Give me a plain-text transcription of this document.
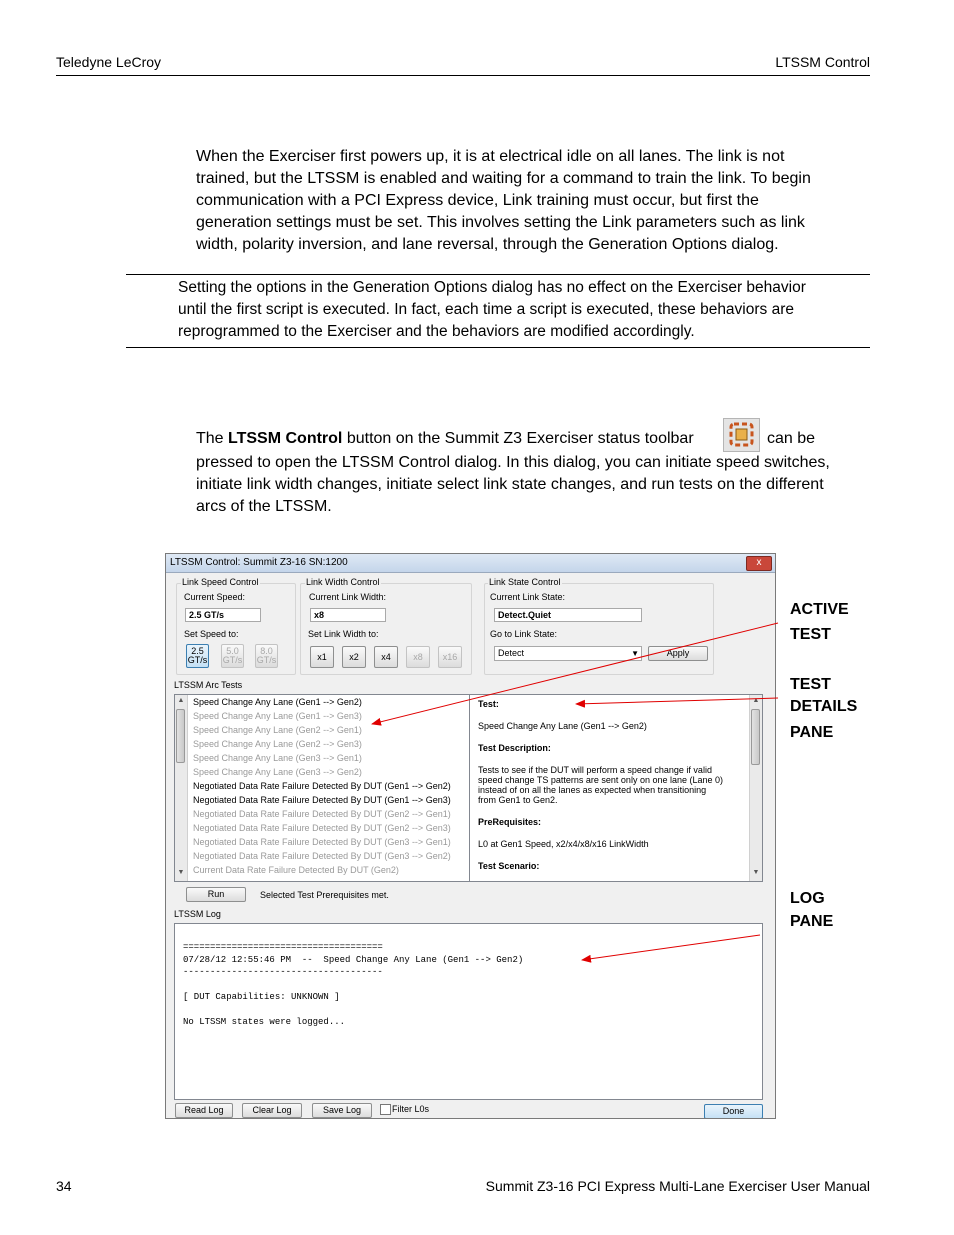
Teledyne LeCroy	LTSSM Control
When the Exerciser first powers up, it is at electrical idle on all lanes. The link is not
trained, but the LTSSM is enabled and waiting for a command to train the link. To begin
communication with a PCI Express device, Link training must occur, but first the
generation settings must be set. This involves setting the Link parameters such as link
width, polarity inversion, and lane reversal, through the Generation Options dialog.
Setting the options in the Generation Options dialog has no effect on the Exerciser behavior
until the first script is executed. In fact, each time a script is executed, these behaviors are
reprogrammed to the Exerciser and the behaviors are modified accordingly.
The LTSSM Control button on the Summit Z3 Exerciser status toolbar	can be
pressed to open the LTSSM Control dialog. In this dialog, you can initiate speed switches,
initiate link width changes, initiate select link state changes, and run tests on the different
arcs of the LTSSM.
LTSSM Control: Summit Z3-16 SN:1200	x
Link Speed Control
Current Speed:
2.5 GT/s
Set Speed to:
2.5
GT/s
5.0
GT/s
8.0
GT/s
Link Width Control
Current Link Width:
x8
Set Link Width to:
x1	x2	x4	x8	x16
Link State Control
Current Link State:
Detect.Quiet
Go to Link State:
Detect	▼	Apply
LTSSM Arc Tests
▲
▼
Speed Change Any Lane (Gen1 --> Gen2)
Speed Change Any Lane (Gen1 --> Gen3)
Speed Change Any Lane (Gen2 --> Gen1)
Speed Change Any Lane (Gen2 --> Gen3)
Speed Change Any Lane (Gen3 --> Gen1)
Speed Change Any Lane (Gen3 --> Gen2)
Negotiated Data Rate Failure Detected By DUT (Gen1 --> Gen2)
Negotiated Data Rate Failure Detected By DUT (Gen1 --> Gen3)
Negotiated Data Rate Failure Detected By DUT (Gen2 --> Gen1)
Negotiated Data Rate Failure Detected By DUT (Gen2 --> Gen3)
Negotiated Data Rate Failure Detected By DUT (Gen3 --> Gen1)
Negotiated Data Rate Failure Detected By DUT (Gen3 --> Gen2)
Current Data Rate Failure Detected By DUT (Gen2)
Test:
Speed Change Any Lane (Gen1 --> Gen2)
Test Description:
Tests to see if the DUT will perform a speed change if valid
speed change TS patterns are sent only on one lane (Lane 0)
instead of on all the lanes as expected when transitioning
from Gen1 to Gen2.
PreRequisites:
L0 at Gen1 Speed, x2/x4/x8/x16 LinkWidth
Test Scenario:
▲
▼
Run	Selected Test Prerequisites met.
LTSSM Log
=====================================
07/28/12 12:55:46 PM  --  Speed Change Any Lane (Gen1 --> Gen2)
-------------------------------------
[ DUT Capabilities: UNKNOWN ]
No LTSSM states were logged...
Read Log	Clear Log	Save Log	Filter L0s	Done
ACTIVE
TEST
TEST
DETAILS
PANE
LOG
PANE
34	Summit Z3-16 PCI Express Multi-Lane Exerciser User Manual
